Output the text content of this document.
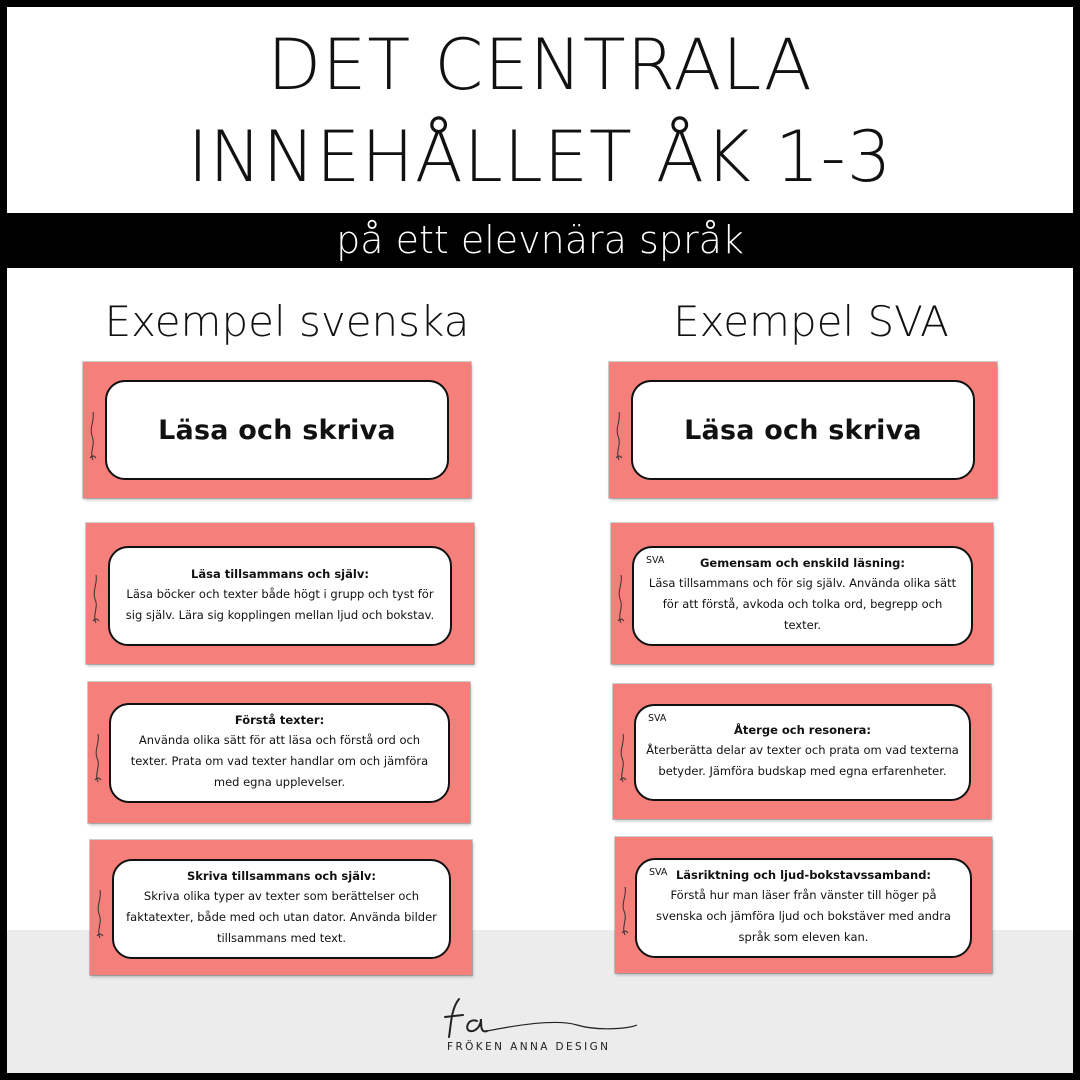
DET CENTRALA
INNEHÅLLET ÅK 1-3
på ett elevnära språk
Exempel svenska	Exempel SVA
Läsa och skriva
Läsa tillsammans och själv:
Läsa böcker och texter både högt i grupp och tyst för sig själv. Lära sig kopplingen mellan ljud och bokstav.
Förstå texter:
Använda olika sätt för att läsa och förstå ord och texter. Prata om vad texter handlar om och jämföra med egna upplevelser.
Skriva tillsammans och själv:
Skriva olika typer av texter som berättelser och faktatexter, både med och utan dator. Använda bilder tillsammans med text.
Läsa och skriva
SVA	Gemensam och enskild läsning:
Läsa tillsammans och för sig själv. Använda olika sätt för att förstå, avkoda och tolka ord, begrepp och texter.
SVA
Återge och resonera:
Återberätta delar av texter och prata om vad texterna betyder. Jämföra budskap med egna erfarenheter.
SVA Läsriktning och ljud-bokstavssamband:
Förstå hur man läser från vänster till höger på svenska och jämföra ljud och bokstäver med andra språk som eleven kan.
FRÖKEN ANNA DESIGN
